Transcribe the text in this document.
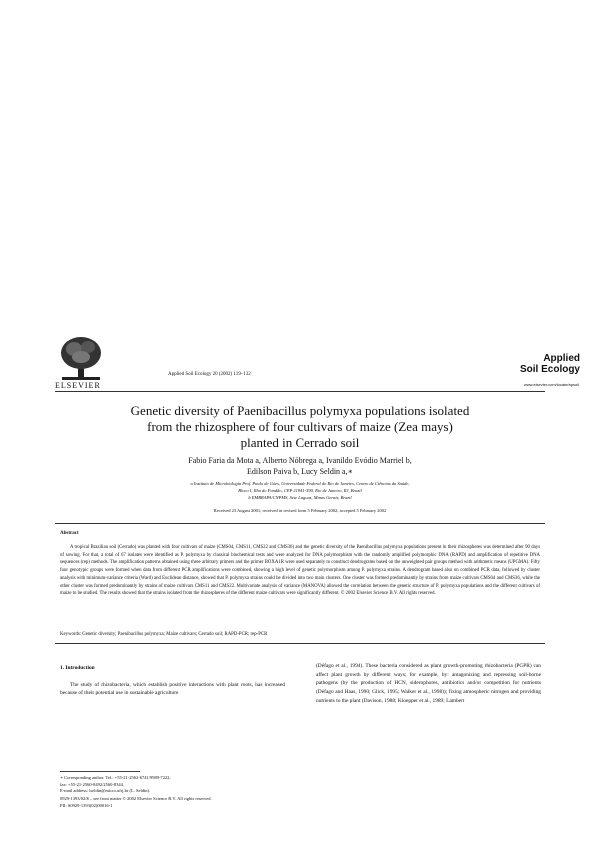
ELSEVIER
Applied Soil Ecology 20 (2002) 119–132
Applied
Soil Ecology
www.elsevier.com/locate/apsoil
Genetic diversity of Paenibacillus polymyxa populations isolated
from the rhizosphere of four cultivars of maize (Zea mays)
planted in Cerrado soil
Fabio Faria da Mota a, Alberto Nóbrega a, Ivanildo Evódio Marriel b,
Edilson Paiva b, Lucy Seldin a,∗
a Instituto de Microbiologia Prof. Paulo de Góes, Universidade Federal do Rio de Janeiro, Centro de Ciências da Saúde,
Bloco I, Ilha do Fundão, CEP 21941-590, Rio de Janeiro, RJ, Brazil
b EMBRAPA/CNPMS, Sete Lagoas, Minas Gerais, Brazil
Received 23 August 2001; received in revised form 5 February 2002; accepted 5 February 2002
Abstract

A tropical Brazilian soil (Cerrado) was planted with four cultivars of maize (CMS04, CMS11, CMS22 and CMS36) and the genetic diversity of the Paenibacillus polymyxa populations present in their rhizospheres was determined after 90 days of sowing. For that, a total of 67 isolates were identified as P. polymyxa by classical biochemical tests and were analyzed for DNA polymorphism with the randomly amplified polymorphic DNA (RAPD) and amplification of repetitive DNA sequences (rep) methods. The amplification patterns obtained using three arbitrary primers and the primer BOXA1R were used separately to construct dendrograms based on the unweighted pair groups method with arithmetic means (UPGMA). Fifty four genotypic groups were formed when data from different PCR amplifications were combined, showing a high level of genetic polymorphism among P. polymyxa strains. A dendrogram based also on combined PCR data, followed by cluster analysis with minimum-variance criteria (Ward) and Euclidean distance, showed that P. polymyxa strains could be divided into two main clusters. One cluster was formed predominantly by strains from maize cultivars CMS04 and CMS36, while the other cluster was formed predominantly by strains of maize cultivars CMS11 and CMS22. Multivariate analysis of variance (MANOVA) allowed the correlation between the genetic structure of P. polymyxa populations and the different cultivars of maize to be studied. The results showed that the strains isolated from the rhizospheres of the different maize cultivars were significantly different. © 2002 Elsevier Science B.V. All rights reserved.

Keywords: Genetic diversity; Paenibacillus polymyxa; Maize cultivars; Cerrado soil; RAPD-PCR; rep-PCR
1. Introduction

The study of rhizobacteria, which establish positive interactions with plant roots, has increased because of their potential use in sustainable agriculture

(Défago et al., 1994). These bacteria considered as plant growth-promoting rhizobacteria (PGPR) can affect plant growth by different ways; for example, by: antagonizing and repressing soil-borne pathogens (by the production of HCN, siderophores, antibiotics and/or competition for nutrients (Défago and Haas, 1990; Glick, 1995; Walker et al., 1998)); fixing atmospheric nitrogen and providing nutrients to the plant (Davison, 1988; Kloepper et al., 1989; Lambert

∗ Corresponding author. Tel.: +55-21-2562-6741/9989-7222;
fax: +55-21-2560-8492/2560-8344.
E-mail address: lseldin@micro.ufrj.br (L. Seldin).
0929-1393/02/$ – see front matter © 2002 Elsevier Science B.V. All rights reserved.
PII: S0929-1393(02)00016-1
